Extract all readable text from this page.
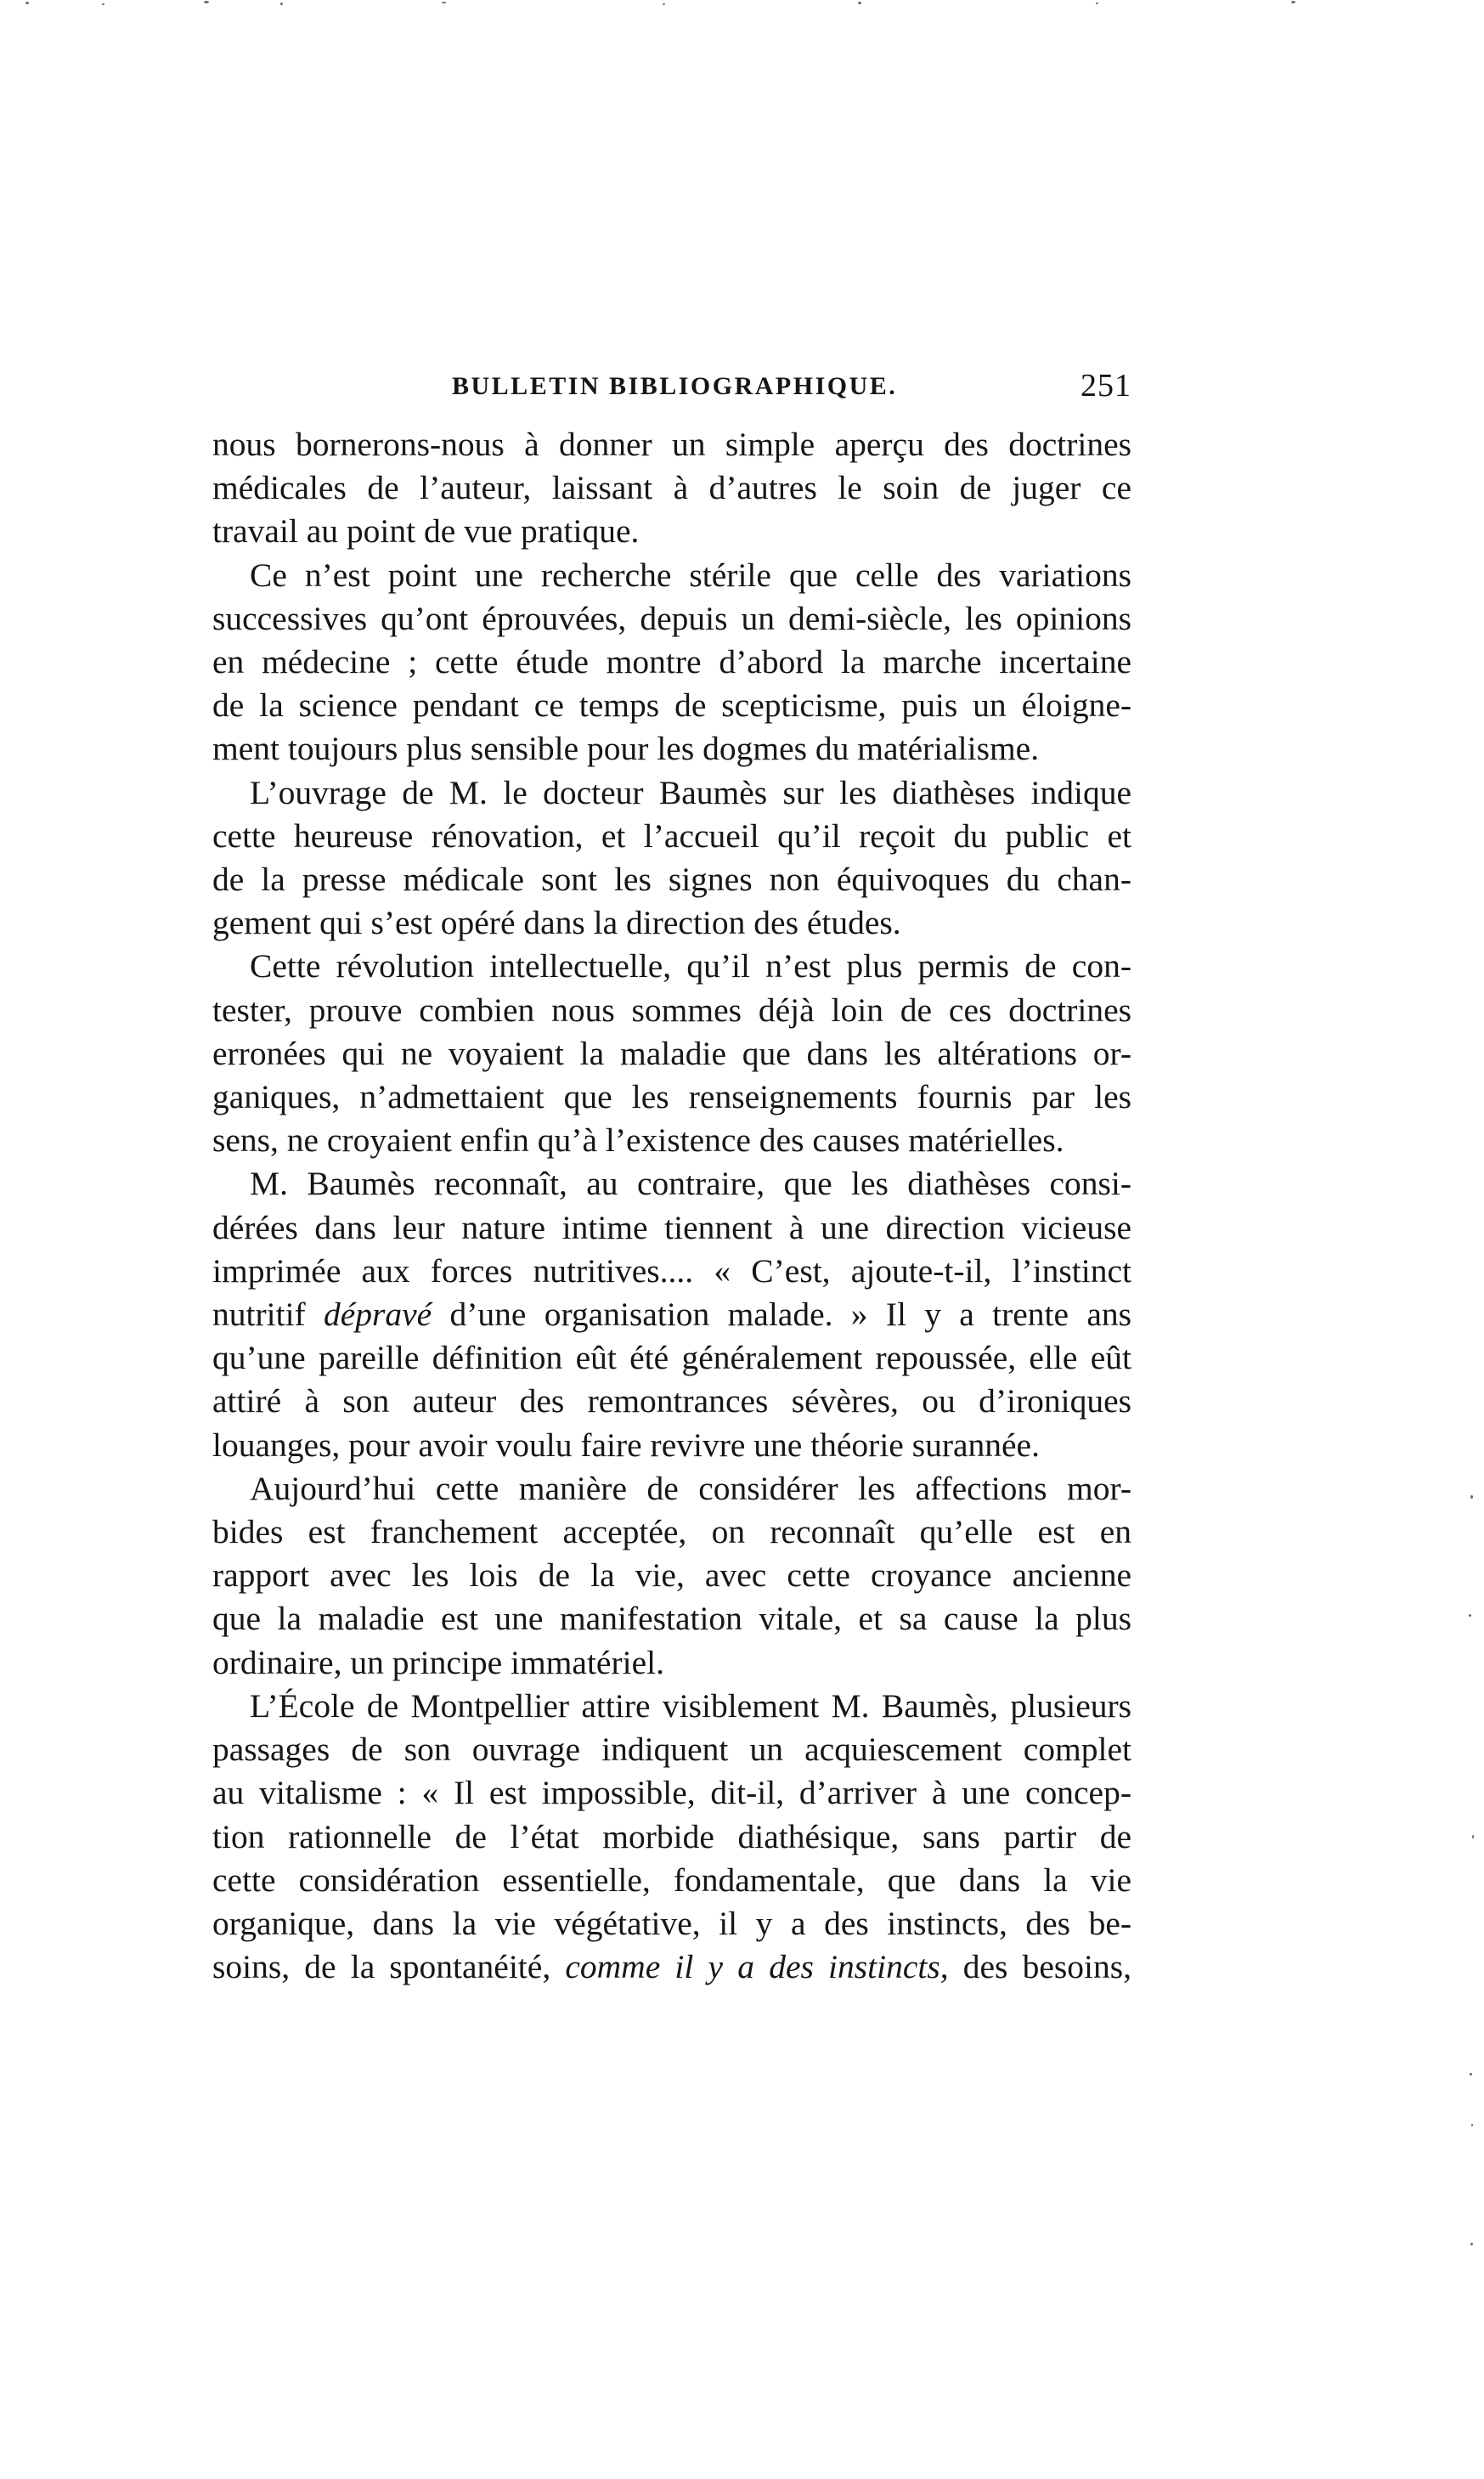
BULLETIN BIBLIOGRAPHIQUE.	251

nous bornerons-nous à donner un simple aperçu des doctrines
médicales de l’auteur, laissant à d’autres le soin de juger ce
travail au point de vue pratique.

Ce n’est point une recherche stérile que celle des variations
successives qu’ont éprouvées, depuis un demi-siècle, les opinions
en médecine ; cette étude montre d’abord la marche incertaine
de la science pendant ce temps de scepticisme, puis un éloigne-
ment toujours plus sensible pour les dogmes du matérialisme.

L’ouvrage de M. le docteur Baumès sur les diathèses indique
cette heureuse rénovation, et l’accueil qu’il reçoit du public et
de la presse médicale sont les signes non équivoques du chan-
gement qui s’est opéré dans la direction des études.

Cette révolution intellectuelle, qu’il n’est plus permis de con-
tester, prouve combien nous sommes déjà loin de ces doctrines
erronées qui ne voyaient la maladie que dans les altérations or-
ganiques, n’admettaient que les renseignements fournis par les
sens, ne croyaient enfin qu’à l’existence des causes matérielles.

M. Baumès reconnaît, au contraire, que les diathèses consi-
dérées dans leur nature intime tiennent à une direction vicieuse
imprimée aux forces nutritives.... « C’est, ajoute-t-il, l’instinct
nutritif dépravé d’une organisation malade. » Il y a trente ans
qu’une pareille définition eût été généralement repoussée, elle eût
attiré à son auteur des remontrances sévères, ou d’ironiques
louanges, pour avoir voulu faire revivre une théorie surannée.

Aujourd’hui cette manière de considérer les affections mor-
bides est franchement acceptée, on reconnaît qu’elle est en
rapport avec les lois de la vie, avec cette croyance ancienne
que la maladie est une manifestation vitale, et sa cause la plus
ordinaire, un principe immatériel.

L’École de Montpellier attire visiblement M. Baumès, plusieurs
passages de son ouvrage indiquent un acquiescement complet
au vitalisme : « Il est impossible, dit-il, d’arriver à une concep-
tion rationnelle de l’état morbide diathésique, sans partir de
cette considération essentielle, fondamentale, que dans la vie
organique, dans la vie végétative, il y a des instincts, des be-
soins, de la spontanéité, comme il y a des instincts, des besoins,
